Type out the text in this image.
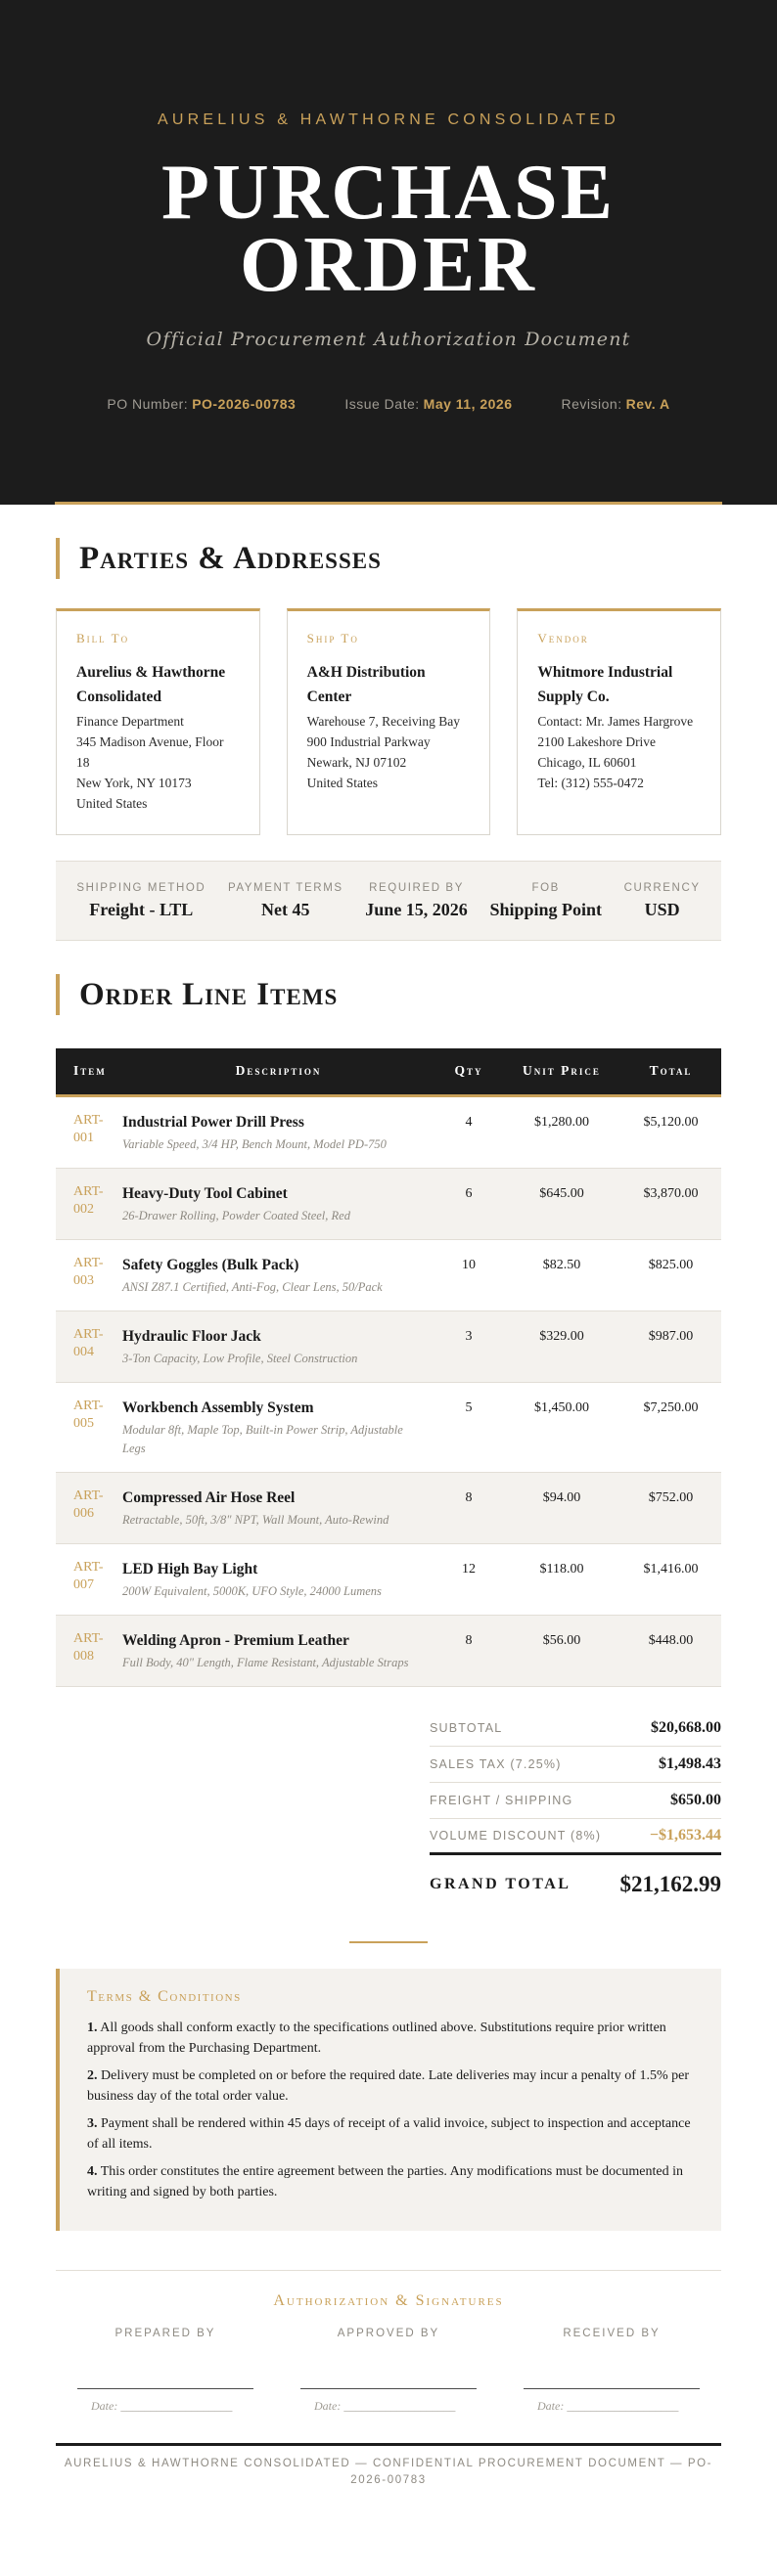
AURELIUS & HAWTHORNE CONSOLIDATED
PURCHASE
ORDER
Official Procurement Authorization Document
PO Number: PO-2026-00783	Issue Date: May 11, 2026	Revision: Rev. A
Parties & Addresses
Bill To
Aurelius & Hawthorne Consolidated
Finance Department
345 Madison Avenue, Floor 18
New York, NY 10173
United States
Ship To
A&H Distribution Center
Warehouse 7, Receiving Bay
900 Industrial Parkway
Newark, NJ 07102
United States
Vendor
Whitmore Industrial Supply Co.
Contact: Mr. James Hargrove
2100 Lakeshore Drive
Chicago, IL 60601
Tel: (312) 555-0472
SHIPPING METHOD
Freight - LTL
PAYMENT TERMS
Net 45
REQUIRED BY
June 15, 2026
FOB
Shipping Point
CURRENCY
USD
Order Line Items
Item	Description	Qty	Unit Price	Total
ART-001	Industrial Power Drill Press
Variable Speed, 3/4 HP, Bench Mount, Model PD-750	4	$1,280.00	$5,120.00
ART-002	Heavy-Duty Tool Cabinet
26-Drawer Rolling, Powder Coated Steel, Red	6	$645.00	$3,870.00
ART-003	Safety Goggles (Bulk Pack)
ANSI Z87.1 Certified, Anti-Fog, Clear Lens, 50/Pack	10	$82.50	$825.00
ART-004	Hydraulic Floor Jack
3-Ton Capacity, Low Profile, Steel Construction	3	$329.00	$987.00
ART-005	Workbench Assembly System
Modular 8ft, Maple Top, Built-in Power Strip, Adjustable Legs	5	$1,450.00	$7,250.00
ART-006	Compressed Air Hose Reel
Retractable, 50ft, 3/8" NPT, Wall Mount, Auto-Rewind	8	$94.00	$752.00
ART-007	LED High Bay Light
200W Equivalent, 5000K, UFO Style, 24000 Lumens	12	$118.00	$1,416.00
ART-008	Welding Apron - Premium Leather
Full Body, 40" Length, Flame Resistant, Adjustable Straps	8	$56.00	$448.00
SUBTOTAL	$20,668.00
SALES TAX (7.25%)	$1,498.43
FREIGHT / SHIPPING	$650.00
VOLUME DISCOUNT (8%)	−$1,653.44
GRAND TOTAL $21,162.99
Terms & Conditions

1. All goods shall conform exactly to the specifications outlined above. Substitutions require prior written approval from the Purchasing Department.

2. Delivery must be completed on or before the required date. Late deliveries may incur a penalty of 1.5% per business day of the total order value.

3. Payment shall be rendered within 45 days of receipt of a valid invoice, subject to inspection and acceptance of all items.

4. This order constitutes the entire agreement between the parties. Any modifications must be documented in writing and signed by both parties.

Authorization & Signatures
PREPARED BY
Date: ___________________
APPROVED BY
Date: ___________________
RECEIVED BY
Date: ___________________
AURELIUS & HAWTHORNE CONSOLIDATED — CONFIDENTIAL PROCUREMENT DOCUMENT — PO-2026-00783
